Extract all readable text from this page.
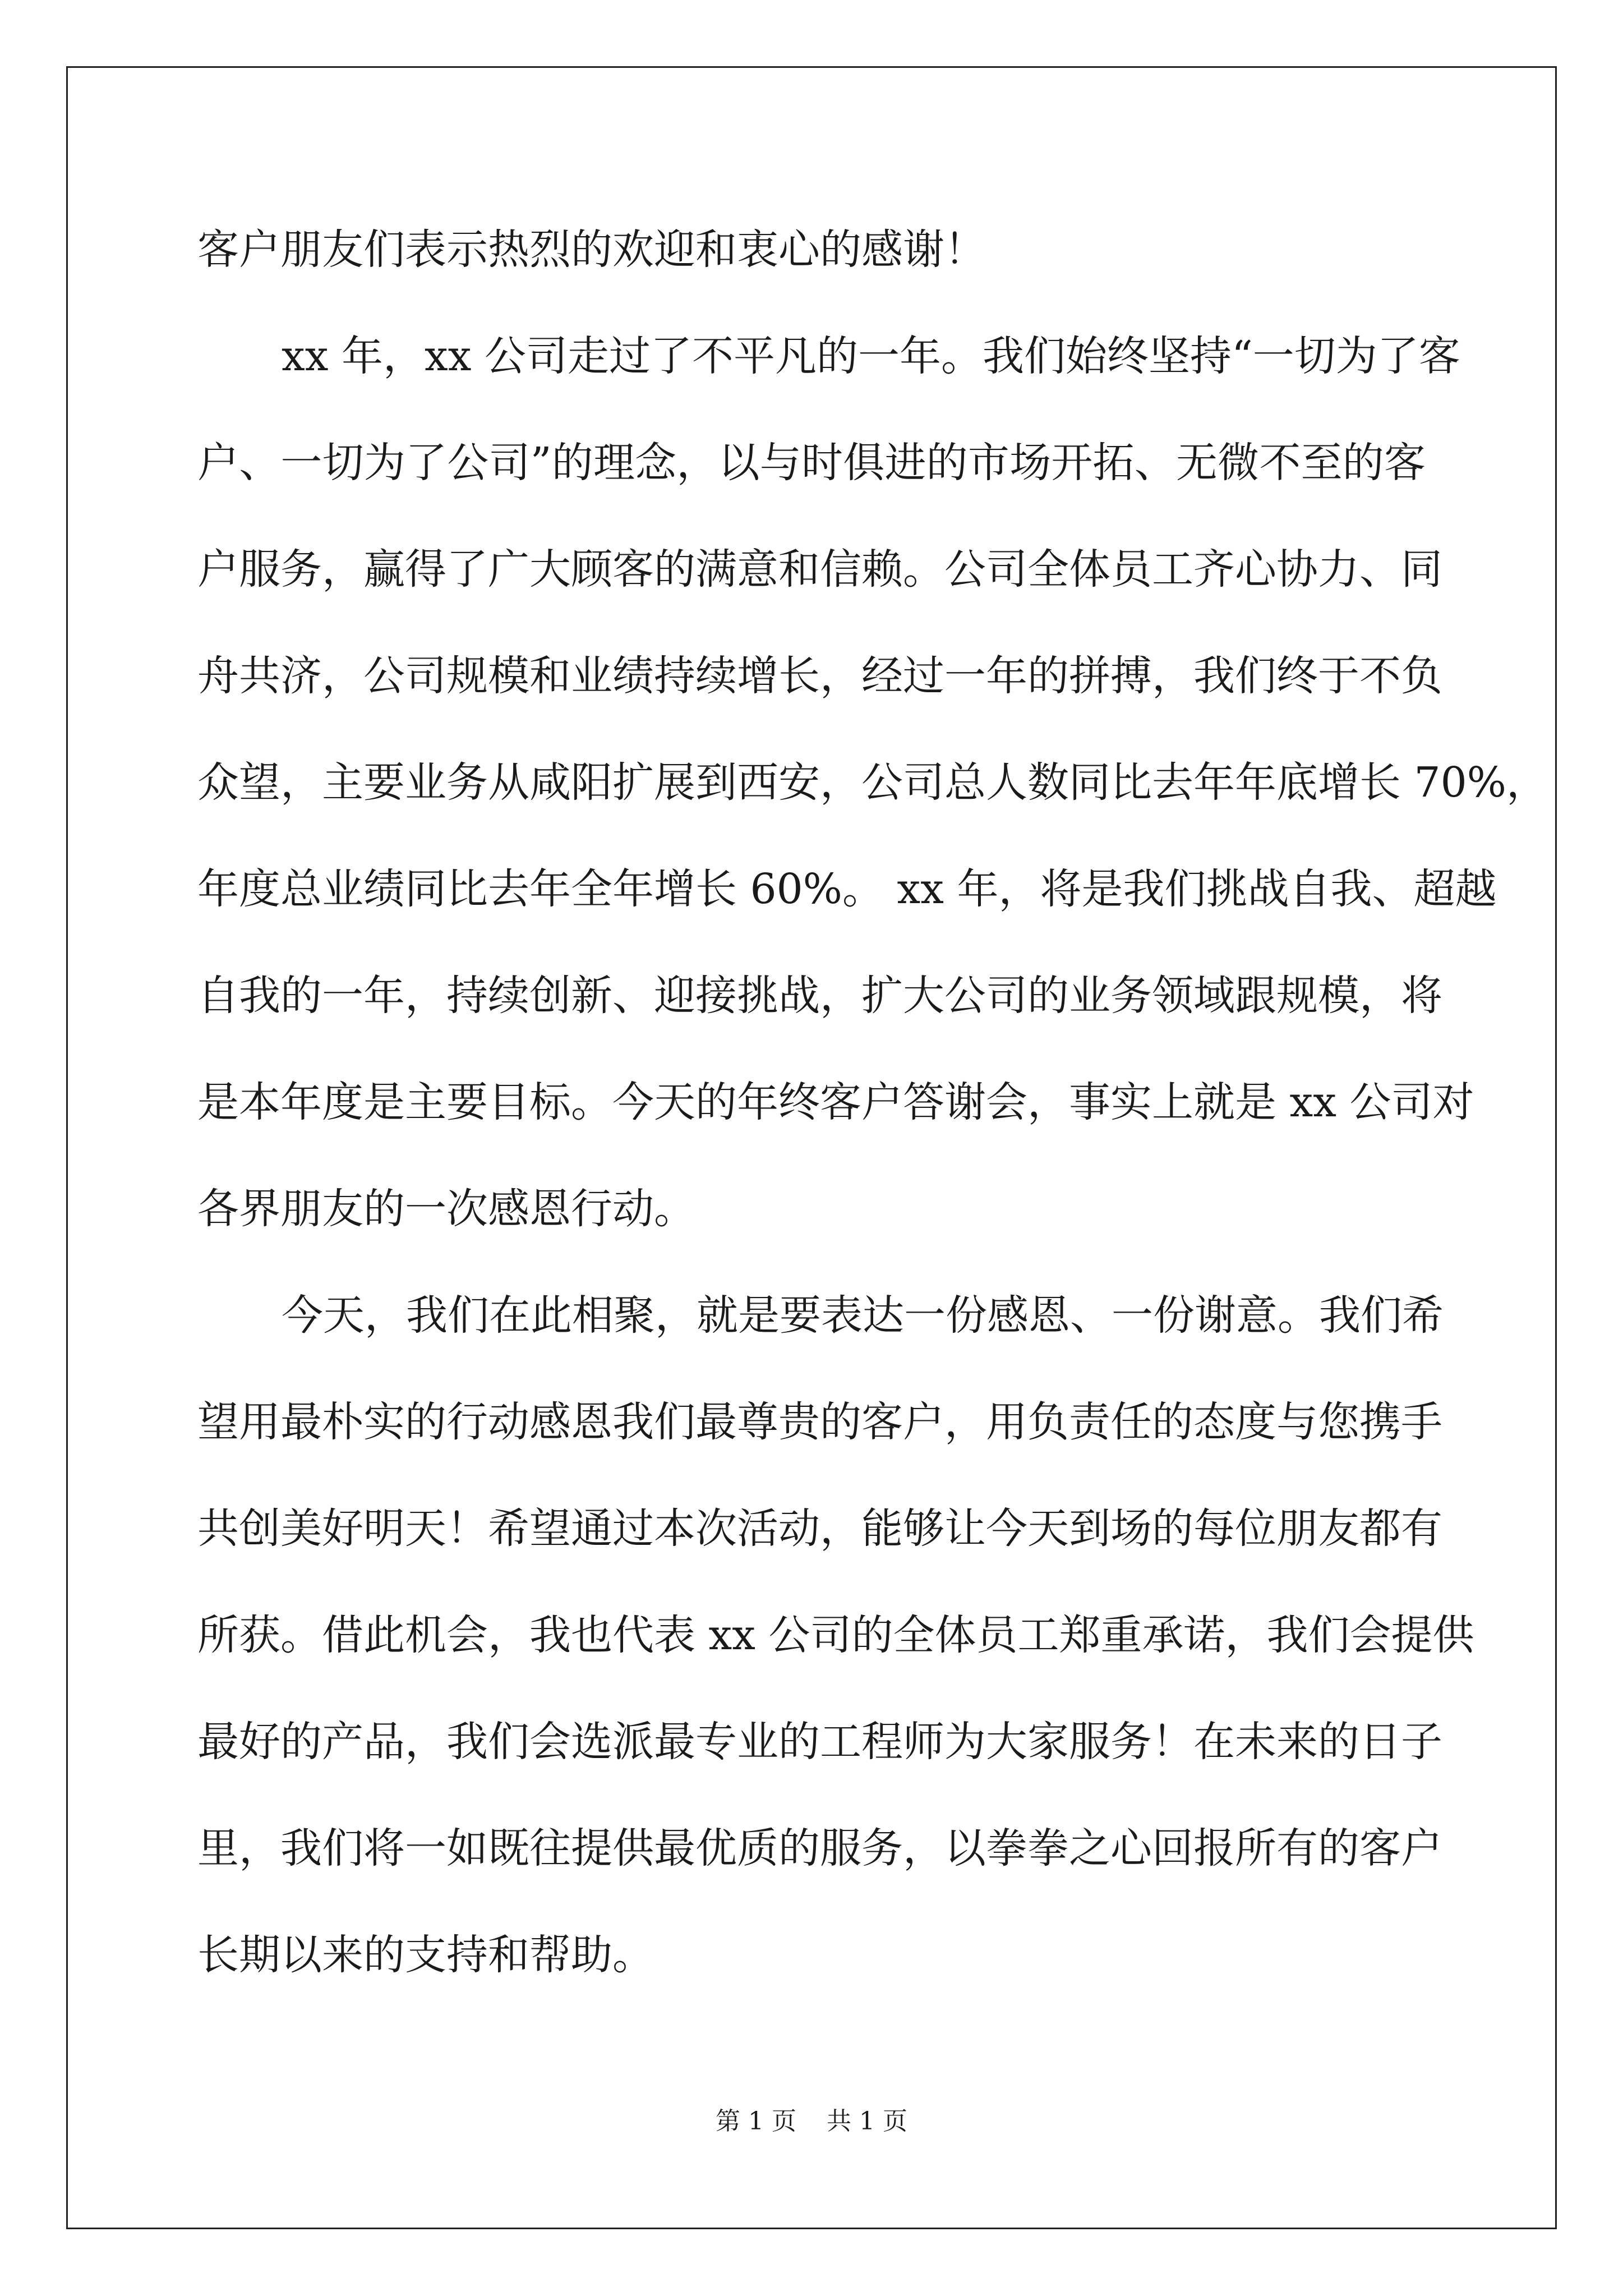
客户朋友们表示热烈的欢迎和衷心的感谢！
xx 年，xx 公司走过了不平凡的一年。我们始终坚持“一切为了客
户、一切为了公司”的理念，以与时俱进的市场开拓、无微不至的客
户服务，赢得了广大顾客的满意和信赖。公司全体员工齐心协力、同
舟共济，公司规模和业绩持续增长，经过一年的拼搏，我们终于不负
众望，主要业务从咸阳扩展到西安，公司总人数同比去年年底增长 70%，
年度总业绩同比去年全年增长 60%。 xx 年，将是我们挑战自我、超越
自我的一年，持续创新、迎接挑战，扩大公司的业务领域跟规模，将
是本年度是主要目标。今天的年终客户答谢会，事实上就是 xx 公司对
各界朋友的一次感恩行动。
今天，我们在此相聚，就是要表达一份感恩、一份谢意。我们希
望用最朴实的行动感恩我们最尊贵的客户，用负责任的态度与您携手
共创美好明天！希望通过本次活动，能够让今天到场的每位朋友都有
所获。借此机会，我也代表 xx 公司的全体员工郑重承诺，我们会提供
最好的产品，我们会选派最专业的工程师为大家服务！在未来的日子
里，我们将一如既往提供最优质的服务，以拳拳之心回报所有的客户
长期以来的支持和帮助。
第 1 页 共 1 页
